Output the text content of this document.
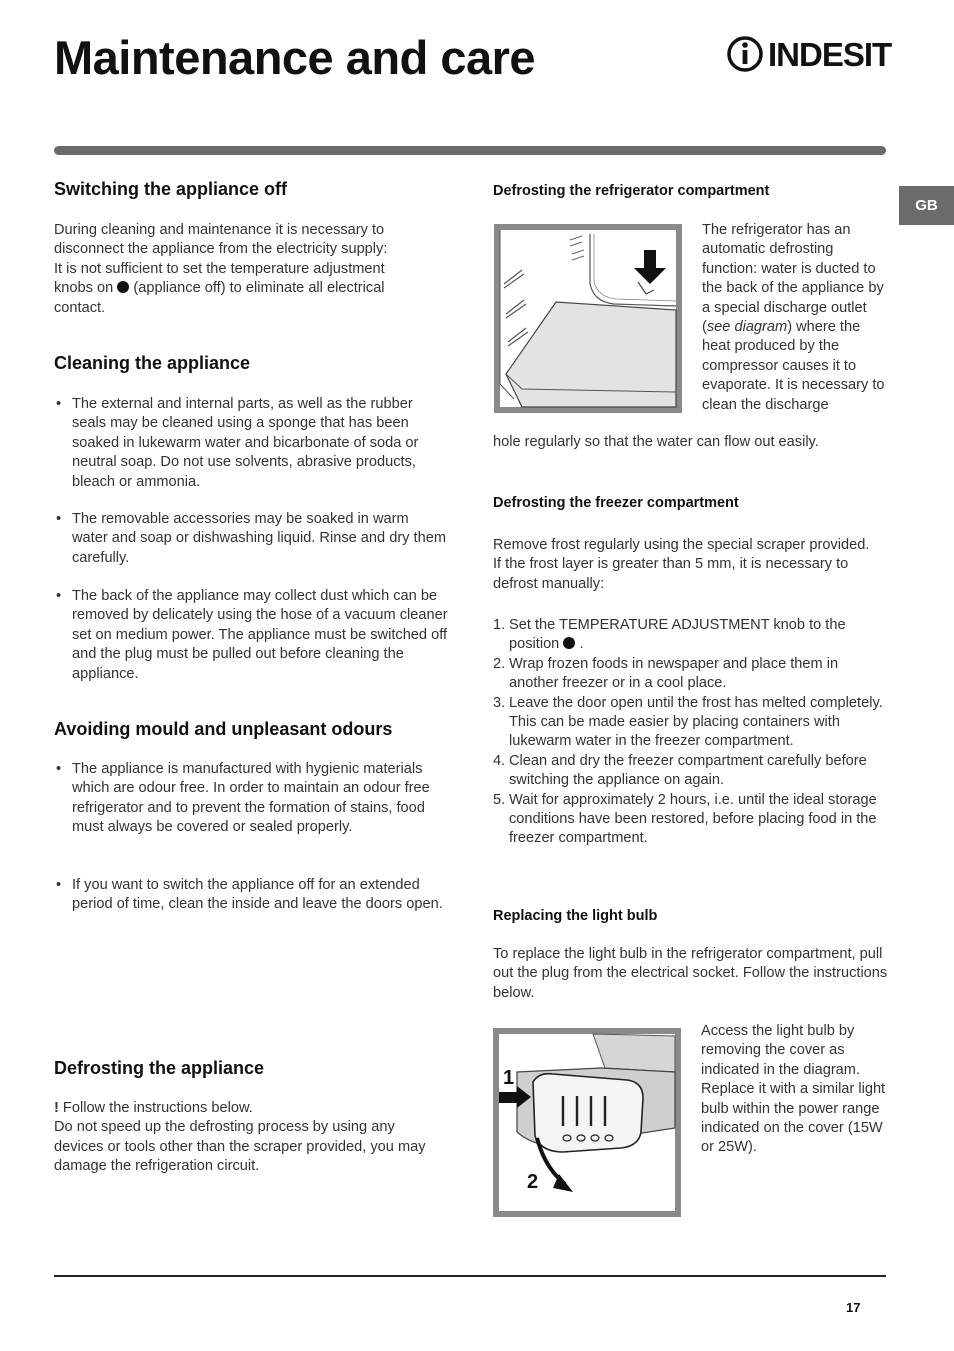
Maintenance and care	INDESIT
GB
Switching the appliance off
During cleaning and maintenance it is necessary to
disconnect the appliance from the electricity supply:
It is not sufficient to set the temperature adjustment
knobs on (appliance off) to eliminate all electrical
contact.
Cleaning the appliance
• The external and internal parts, as well as the rubber seals may be cleaned using a sponge that has been soaked in lukewarm water and bicarbonate of soda or neutral soap. Do not use solvents, abrasive products, bleach or ammonia.
• The removable accessories may be soaked in warm water and soap or dishwashing liquid. Rinse and dry them carefully.
• The back of the appliance may collect dust which can be removed by delicately using the hose of a vacuum cleaner set on medium power. The appliance must be switched off and the plug must be pulled out before cleaning the appliance.
Avoiding mould and unpleasant odours
• The appliance is manufactured with hygienic materials which are odour free. In order to maintain an odour free refrigerator and to prevent the formation of stains, food must always be covered or sealed properly.
• If you want to switch the appliance off for an extended period of time, clean the inside and leave the doors open.
Defrosting the appliance
! Follow the instructions below.
Do not speed up the defrosting process by using any devices or tools other than the scraper provided, you may damage the refrigeration circuit.
Defrosting the refrigerator compartment
The refrigerator has an automatic defrosting function: water is ducted to the back of the appliance by a special discharge outlet (see diagram) where the heat produced by the compressor causes it to evaporate. It is necessary to clean the discharge
hole regularly so that the water can flow out easily.
Defrosting the freezer compartment
Remove frost regularly using the special scraper provided. If the frost layer is greater than 5 mm, it is necessary to defrost manually:
1. Set the TEMPERATURE ADJUSTMENT knob to the position .
2. Wrap frozen foods in newspaper and place them in another freezer or in a cool place.
3. Leave the door open until the frost has melted completely. This can be made easier by placing containers with lukewarm water in the freezer compartment.
4. Clean and dry the freezer compartment carefully before switching the appliance on again.
5. Wait for approximately 2 hours, i.e. until the ideal storage conditions have been restored, before placing food in the freezer compartment.
Replacing the light bulb
To replace the light bulb in the refrigerator compartment, pull out the plug from the electrical socket. Follow the instructions below.
1
2
Access the light bulb by removing the cover as indicated in the diagram. Replace it with a similar light bulb within the power range indicated on the cover (15W or 25W).
17
